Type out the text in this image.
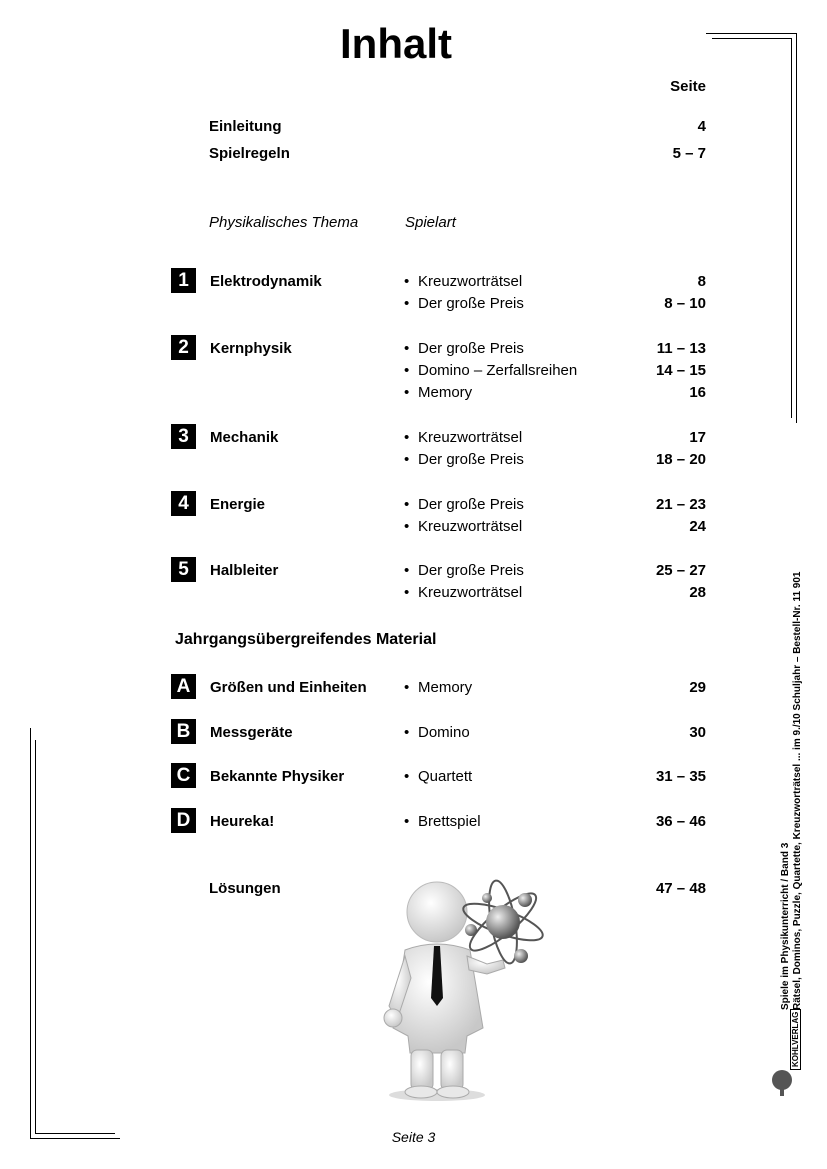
Inhalt
Seite
Einleitung	4
Spielregeln	5 – 7
Physikalisches Thema	Spielart
1	Elektrodynamik	• Kreuzworträtsel	8
• Der große Preis	8 – 10
2	Kernphysik	• Der große Preis	11 – 13
• Domino – Zerfallsreihen	14 – 15
• Memory	16
3	Mechanik	• Kreuzworträtsel	17
• Der große Preis	18 – 20
4	Energie	• Der große Preis	21 – 23
• Kreuzworträtsel	24
5	Halbleiter	• Der große Preis	25 – 27
• Kreuzworträtsel	28
Jahrgangsübergreifendes Material
A	Größen und Einheiten • Memory	29
B	Messgeräte	• Domino	30
C	Bekannte Physiker	• Quartett	31 – 35
D	Heureka!	• Brettspiel	36 – 46
Lösungen	47 – 48	Spiele im Physikunterricht / Band 3 Rätsel, Dominos, Puzzle, Quartette, Kreuzworträtsel ... im 9./10 Schuljahr – Bestell-Nr. 11 901
KOHLVERLAG
Seite 3
